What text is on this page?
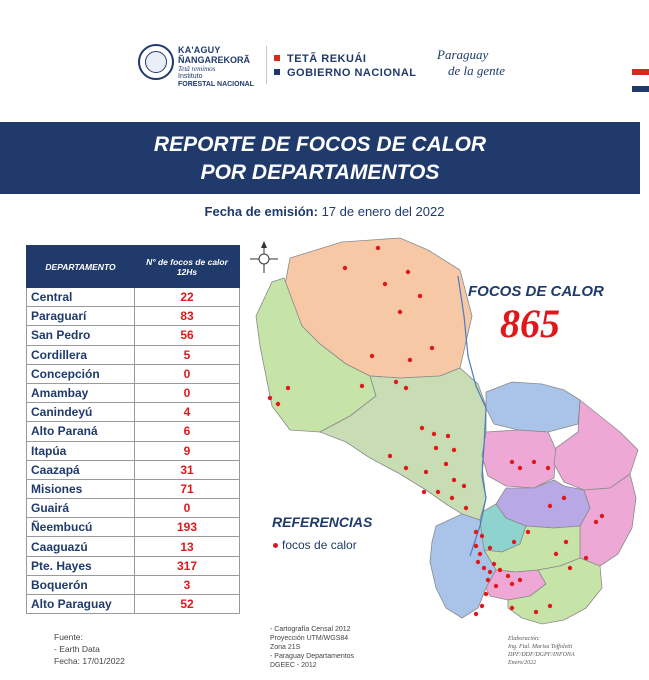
KA'AGUY
ÑANGAREKORÃ
Tetã remimos
Instituto
FORESTAL NACIONAL
TETÃ REKUÁI
GOBIERNO NACIONAL
Paraguay
de la gente
REPORTE DE FOCOS DE CALOR
POR DEPARTAMENTOS
Fecha de emisión: 17 de enero del 2022
DEPARTAMENTO	N° de focos de calor 12Hs
Central	22
Paraguarí	83
San Pedro	56
Cordillera	5
Concepción	0
Amambay	0
Canindeyú	4
Alto Paraná	6
Itapúa	9
Caazapá	31
Misiones	71
Guairá	0
Ñeembucú	193
Caaguazú	13
Pte. Hayes	317
Boquerón	3
Alto Paraguay	52
FOCOS DE CALOR
865
REFERENCIAS
focos de calor
Fuente:
- Earth Data
Fecha: 17/01/2022
- Cartografía Censal 2012
Proyección UTM/WGS84
Zona 21S
- Paraguay Departamentos
DGEEC - 2012
Elaboración:
Ing. Ftal. Marisa Toffoletti
DPF/DDF/DGPF/INFONA
Enero/2022
